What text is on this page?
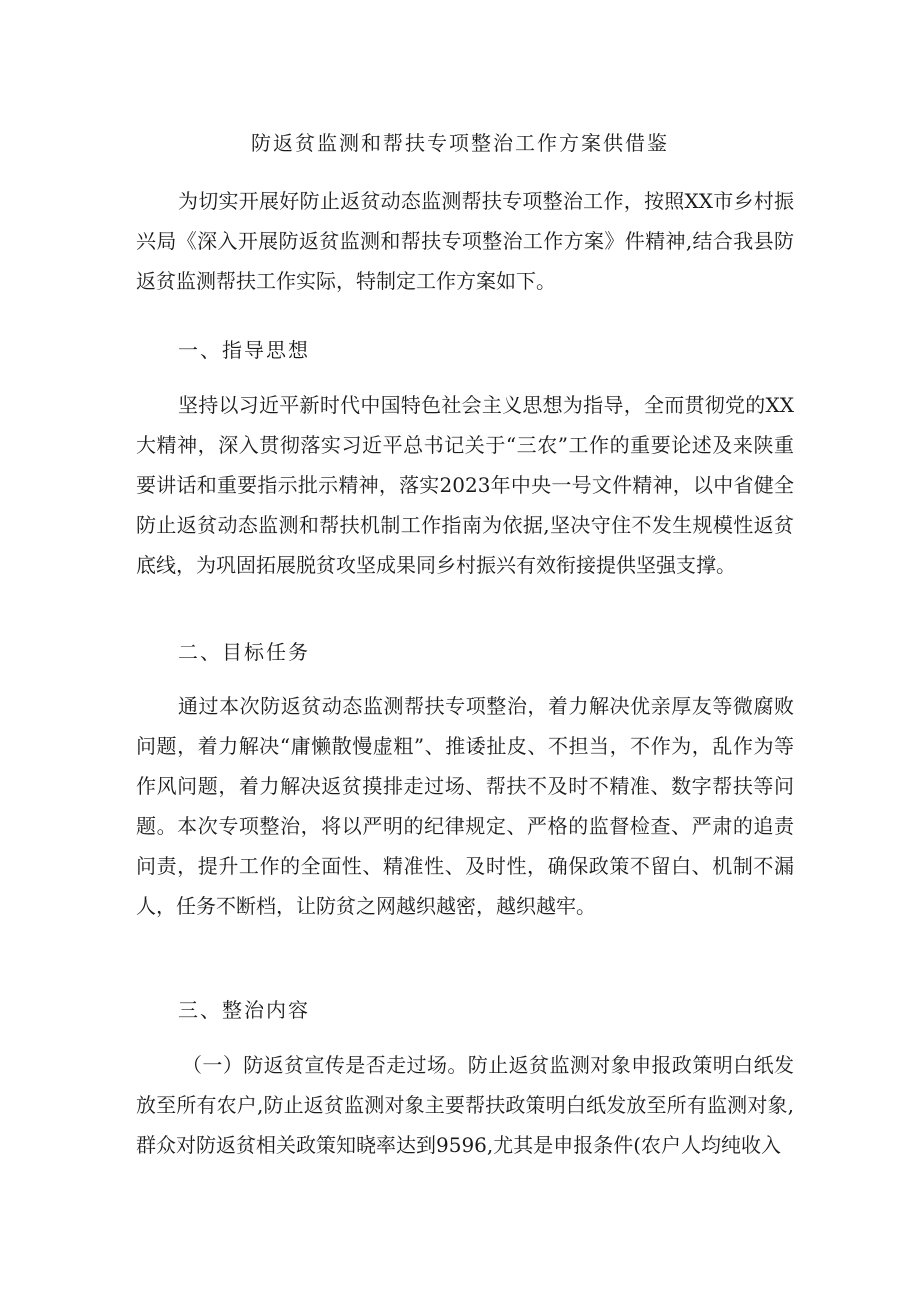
防返贫监测和帮扶专项整治工作方案供借鉴

为切实开展好防止返贫动态监测帮扶专项整治工作，按照XX市乡村振兴局《深入开展防返贫监测和帮扶专项整治工作方案》件精神,结合我县防返贫监测帮扶工作实际，特制定工作方案如下。

一、指导思想

坚持以习近平新时代中国特色社会主义思想为指导，全而贯彻党的XX大精神，深入贯彻落实习近平总书记关于“三农”工作的重要论述及来陕重要讲话和重要指示批示精神，落实2023年中央一号文件精神，以中省健全防止返贫动态监测和帮扶机制工作指南为依据,坚决守住不发生规模性返贫底线，为巩固拓展脱贫攻坚成果同乡村振兴有效衔接提供坚强支撑。

二、目标任务

通过本次防返贫动态监测帮扶专项整治，着力解决优亲厚友等微腐败问题，着力解决“庸懒散慢虚粗”、推诿扯皮、不担当，不作为，乱作为等作风问题，着力解决返贫摸排走过场、帮扶不及时不精准、数字帮扶等问题。本次专项整治，将以严明的纪律规定、严格的监督检查、严肃的追责问责，提升工作的全面性、精准性、及时性，确保政策不留白、机制不漏人，任务不断档，让防贫之网越织越密，越织越牢。

三、整治内容

（一）防返贫宣传是否走过场。防止返贫监测对象申报政策明白纸发放至所有农户,防止返贫监测对象主要帮扶政策明白纸发放至所有监测对象,群众对防返贫相关政策知晓率达到9596,尤其是申报条件(农户人均纯收入
